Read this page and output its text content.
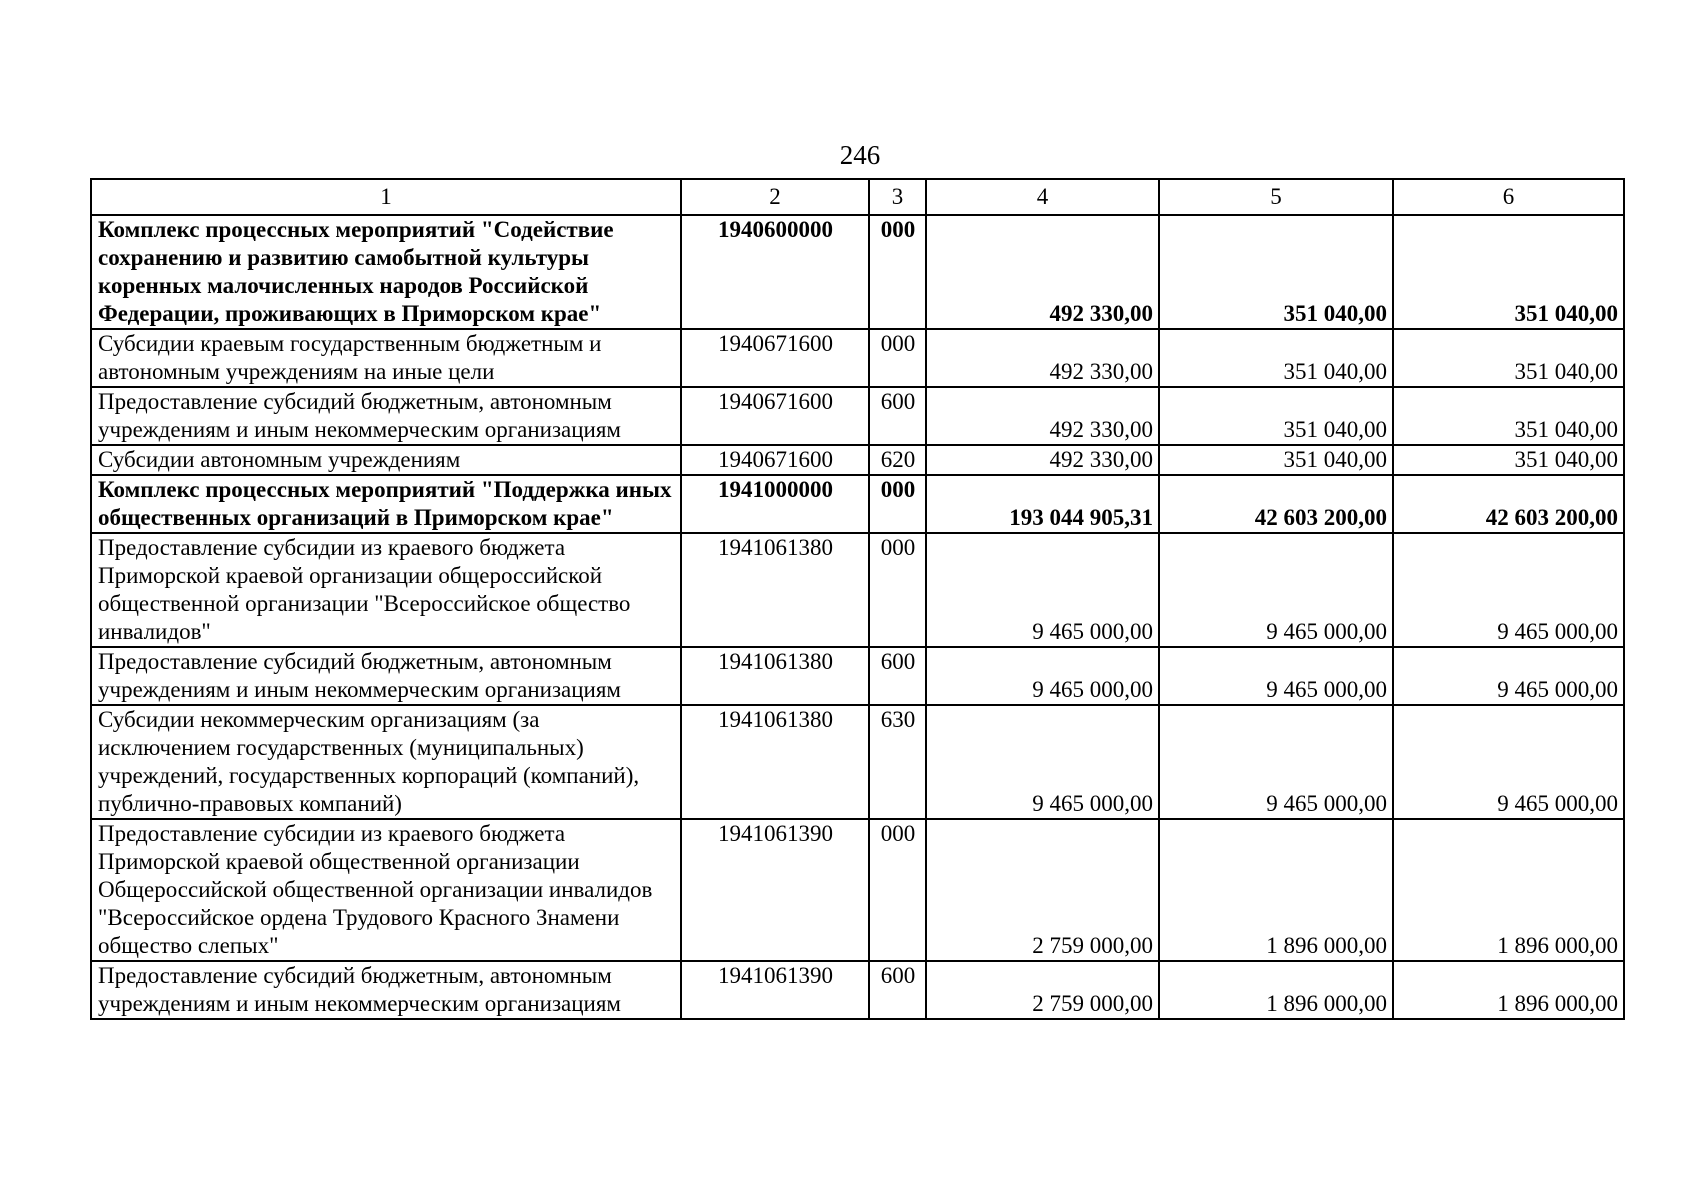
246
1	2	3	4	5	6
Комплекс процессных мероприятий "Содействие сохранению и развитию самобытной культуры коренных малочисленных народов Российской Федерации, проживающих в Приморском крае"	1940600000	000	492 330,00	351 040,00	351 040,00
Субсидии краевым государственным бюджетным и автономным учреждениям на иные цели	1940671600	000	492 330,00	351 040,00	351 040,00
Предоставление субсидий бюджетным, автономным учреждениям и иным некоммерческим организациям	1940671600	600	492 330,00	351 040,00	351 040,00
Субсидии автономным учреждениям	1940671600	620	492 330,00	351 040,00	351 040,00
Комплекс процессных мероприятий "Поддержка иных общественных организаций в Приморском крае"	1941000000	000	193 044 905,31	42 603 200,00	42 603 200,00
Предоставление субсидии из краевого бюджета Приморской краевой организации общероссийской общественной организации "Всероссийское общество инвалидов"	1941061380	000	9 465 000,00	9 465 000,00	9 465 000,00
Предоставление субсидий бюджетным, автономным учреждениям и иным некоммерческим организациям	1941061380	600	9 465 000,00	9 465 000,00	9 465 000,00
Субсидии некоммерческим организациям (за исключением государственных (муниципальных) учреждений, государственных корпораций (компаний), публично-правовых компаний)	1941061380	630	9 465 000,00	9 465 000,00	9 465 000,00
Предоставление субсидии из краевого бюджета Приморской краевой общественной организации Общероссийской общественной организации инвалидов "Всероссийское ордена Трудового Красного Знамени общество слепых"	1941061390	000	2 759 000,00	1 896 000,00	1 896 000,00
Предоставление субсидий бюджетным, автономным учреждениям и иным некоммерческим организациям	1941061390	600	2 759 000,00	1 896 000,00	1 896 000,00
